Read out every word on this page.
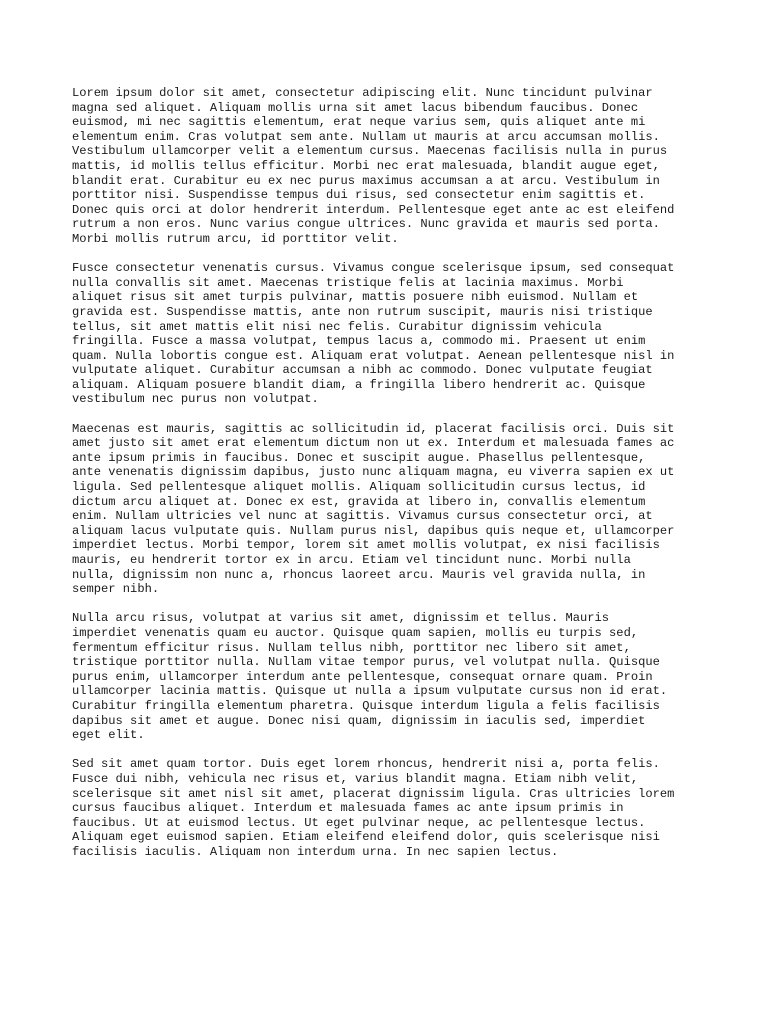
Lorem ipsum dolor sit amet, consectetur adipiscing elit. Nunc tincidunt pulvinar
magna sed aliquet. Aliquam mollis urna sit amet lacus bibendum faucibus. Donec
euismod, mi nec sagittis elementum, erat neque varius sem, quis aliquet ante mi
elementum enim. Cras volutpat sem ante. Nullam ut mauris at arcu accumsan mollis.
Vestibulum ullamcorper velit a elementum cursus. Maecenas facilisis nulla in purus
mattis, id mollis tellus efficitur. Morbi nec erat malesuada, blandit augue eget,
blandit erat. Curabitur eu ex nec purus maximus accumsan a at arcu. Vestibulum in
porttitor nisi. Suspendisse tempus dui risus, sed consectetur enim sagittis et.
Donec quis orci at dolor hendrerit interdum. Pellentesque eget ante ac est eleifend
rutrum a non eros. Nunc varius congue ultrices. Nunc gravida et mauris sed porta.
Morbi mollis rutrum arcu, id porttitor velit.

Fusce consectetur venenatis cursus. Vivamus congue scelerisque ipsum, sed consequat
nulla convallis sit amet. Maecenas tristique felis at lacinia maximus. Morbi
aliquet risus sit amet turpis pulvinar, mattis posuere nibh euismod. Nullam et
gravida est. Suspendisse mattis, ante non rutrum suscipit, mauris nisi tristique
tellus, sit amet mattis elit nisi nec felis. Curabitur dignissim vehicula
fringilla. Fusce a massa volutpat, tempus lacus a, commodo mi. Praesent ut enim
quam. Nulla lobortis congue est. Aliquam erat volutpat. Aenean pellentesque nisl in
vulputate aliquet. Curabitur accumsan a nibh ac commodo. Donec vulputate feugiat
aliquam. Aliquam posuere blandit diam, a fringilla libero hendrerit ac. Quisque
vestibulum nec purus non volutpat.

Maecenas est mauris, sagittis ac sollicitudin id, placerat facilisis orci. Duis sit
amet justo sit amet erat elementum dictum non ut ex. Interdum et malesuada fames ac
ante ipsum primis in faucibus. Donec et suscipit augue. Phasellus pellentesque,
ante venenatis dignissim dapibus, justo nunc aliquam magna, eu viverra sapien ex ut
ligula. Sed pellentesque aliquet mollis. Aliquam sollicitudin cursus lectus, id
dictum arcu aliquet at. Donec ex est, gravida at libero in, convallis elementum
enim. Nullam ultricies vel nunc at sagittis. Vivamus cursus consectetur orci, at
aliquam lacus vulputate quis. Nullam purus nisl, dapibus quis neque et, ullamcorper
imperdiet lectus. Morbi tempor, lorem sit amet mollis volutpat, ex nisi facilisis
mauris, eu hendrerit tortor ex in arcu. Etiam vel tincidunt nunc. Morbi nulla
nulla, dignissim non nunc a, rhoncus laoreet arcu. Mauris vel gravida nulla, in
semper nibh.

Nulla arcu risus, volutpat at varius sit amet, dignissim et tellus. Mauris
imperdiet venenatis quam eu auctor. Quisque quam sapien, mollis eu turpis sed,
fermentum efficitur risus. Nullam tellus nibh, porttitor nec libero sit amet,
tristique porttitor nulla. Nullam vitae tempor purus, vel volutpat nulla. Quisque
purus enim, ullamcorper interdum ante pellentesque, consequat ornare quam. Proin
ullamcorper lacinia mattis. Quisque ut nulla a ipsum vulputate cursus non id erat.
Curabitur fringilla elementum pharetra. Quisque interdum ligula a felis facilisis
dapibus sit amet et augue. Donec nisi quam, dignissim in iaculis sed, imperdiet
eget elit.

Sed sit amet quam tortor. Duis eget lorem rhoncus, hendrerit nisi a, porta felis.
Fusce dui nibh, vehicula nec risus et, varius blandit magna. Etiam nibh velit,
scelerisque sit amet nisl sit amet, placerat dignissim ligula. Cras ultricies lorem
cursus faucibus aliquet. Interdum et malesuada fames ac ante ipsum primis in
faucibus. Ut at euismod lectus. Ut eget pulvinar neque, ac pellentesque lectus.
Aliquam eget euismod sapien. Etiam eleifend eleifend dolor, quis scelerisque nisi
facilisis iaculis. Aliquam non interdum urna. In nec sapien lectus.
